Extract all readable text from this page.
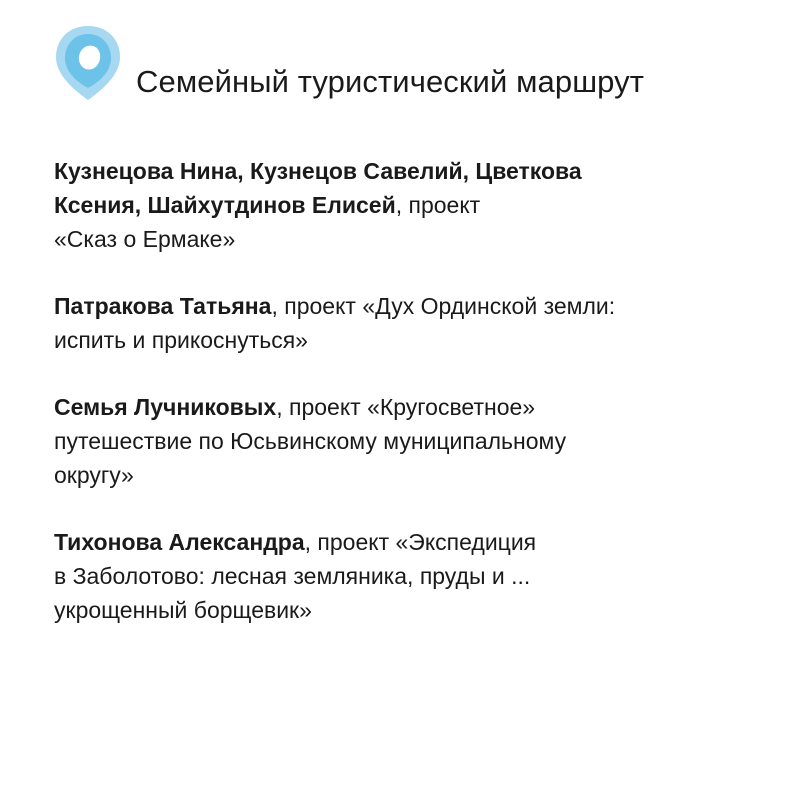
Семейный туристический маршрут
Кузнецова Нина, Кузнецов Савелий, Цветкова
Ксения, Шайхутдинов Елисей, проект
«Сказ о Ермаке»
Патракова Татьяна, проект «Дух Ординской земли:
испить и прикоснуться»
Семья Лучниковых, проект «Кругосветное»
путешествие по Юсьвинскому муниципальному
округу»
Тихонова Александра, проект «Экспедиция
в Заболотово: лесная земляника, пруды и ...
укрощенный борщевик»
